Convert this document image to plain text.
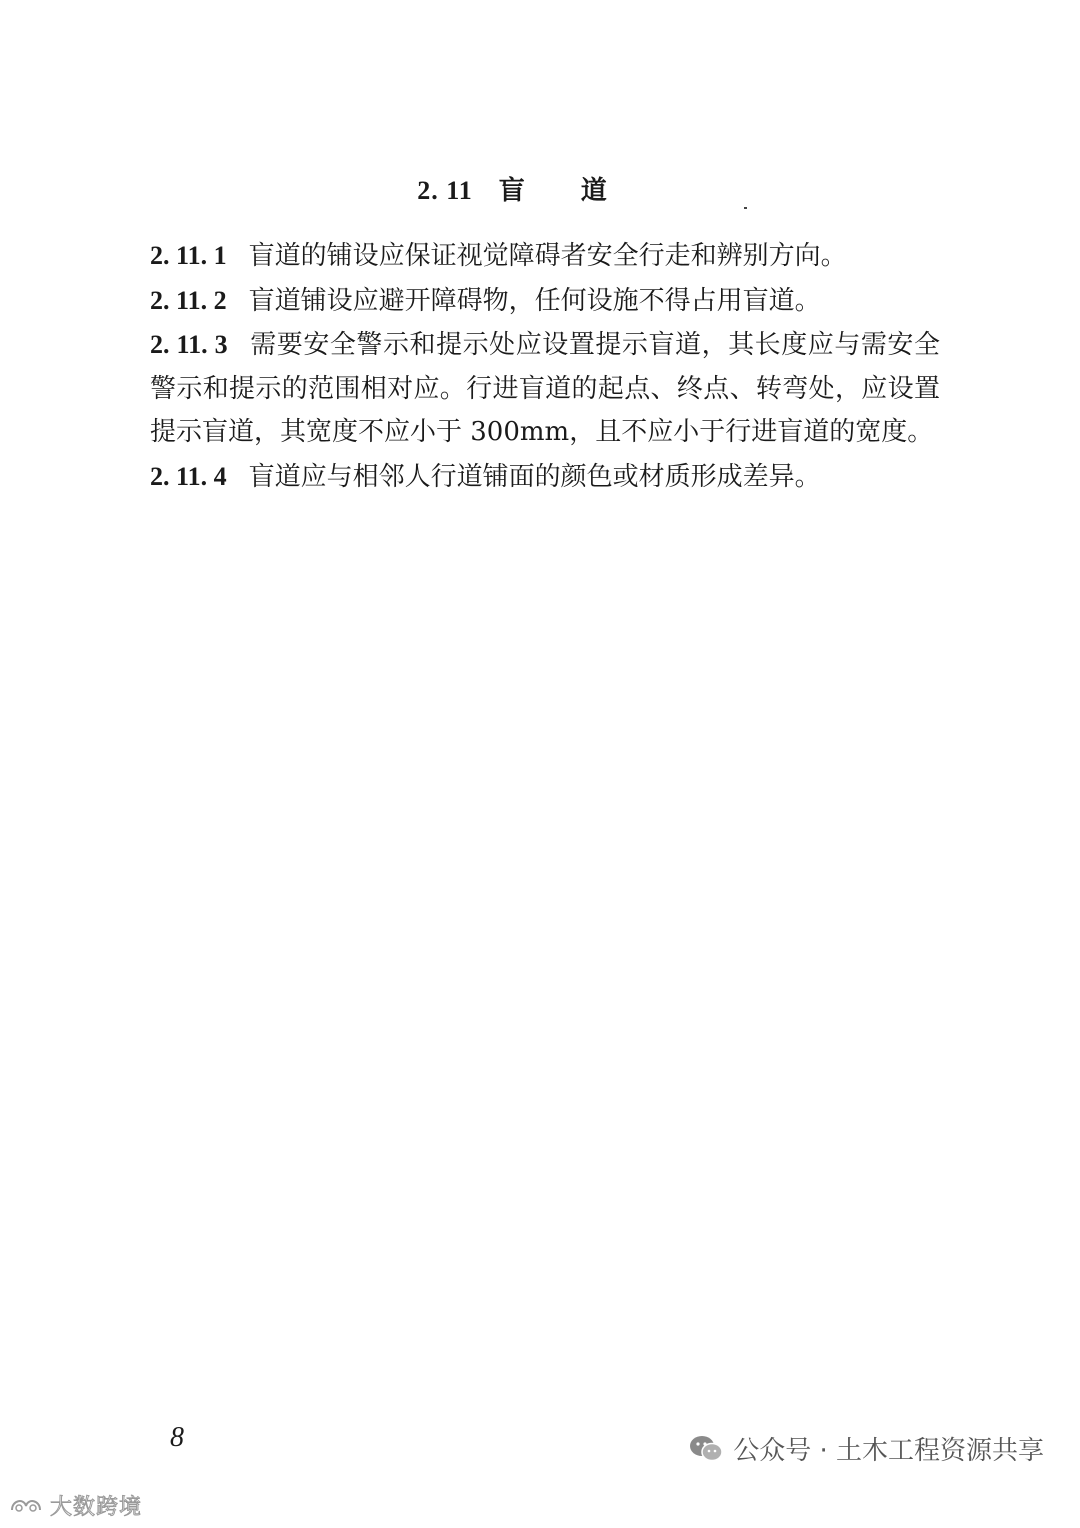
2. 11 盲道

2. 11. 1 盲道的铺设应保证视觉障碍者安全行走和辨别方向。

2. 11. 2 盲道铺设应避开障碍物，任何设施不得占用盲道。

2. 11. 3 需要安全警示和提示处应设置提示盲道，其长度应与需安全警示和提示的范围相对应。行进盲道的起点、终点、转弯处，应设置提示盲道，其宽度不应小于 300mm，且不应小于行进盲道的宽度。

2. 11. 4 盲道应与相邻人行道铺面的颜色或材质形成差异。

8	公众号 · 土木工程资源共享
大数跨境
